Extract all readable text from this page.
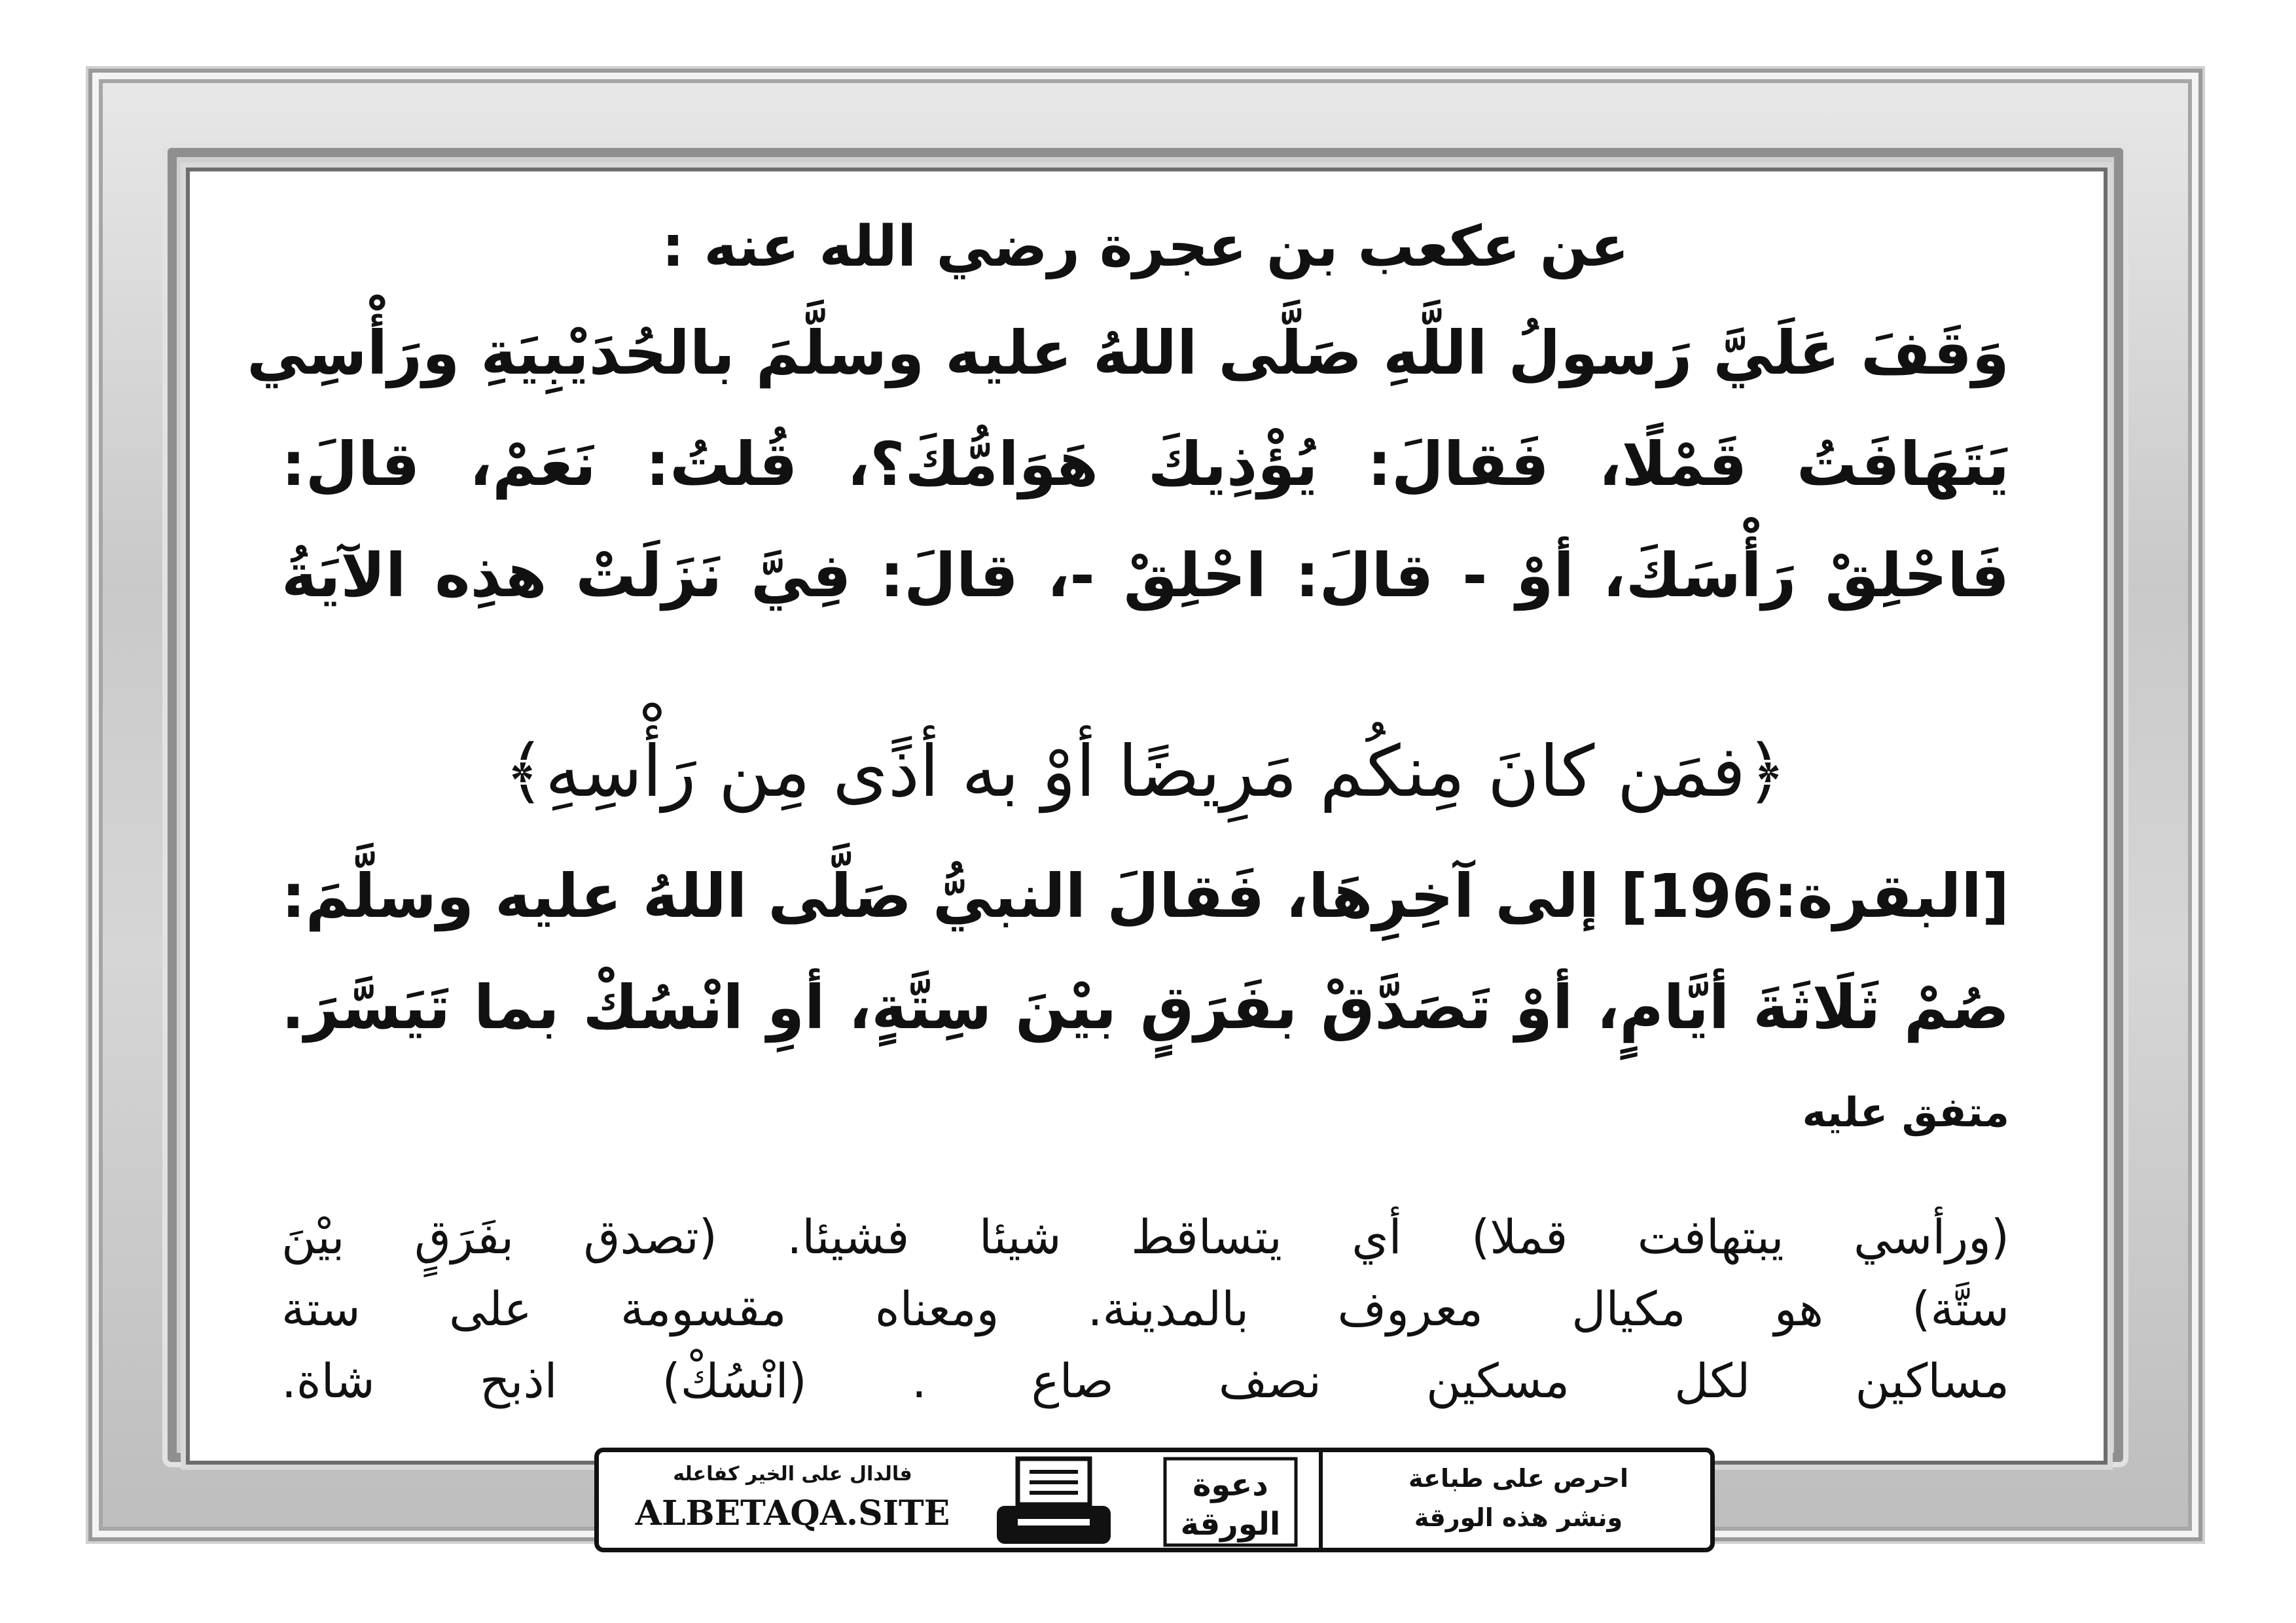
عن عكعب بن عجرة رضي الله عنه :
وَقَفَ عَلَيَّ رَسولُ اللَّهِ صَلَّى اللهُ عليه وسلَّمَ بالحُدَيْبِيَةِ ورَأْسِي
يَتَهَافَتُ قَمْلًا، فَقالَ: يُؤْذِيكَ هَوَامُّكَ؟، قُلتُ: نَعَمْ، قالَ:
فَاحْلِقْ رَأْسَكَ، أوْ - قالَ: احْلِقْ -، قالَ: فِيَّ نَزَلَتْ هذِه الآيَةُ
﴿فمَن كانَ مِنكُم مَرِيضًا أوْ به أذًى مِن رَأْسِهِ﴾
[البقرة:196] إلى آخِرِهَا، فَقالَ النبيُّ صَلَّى اللهُ عليه وسلَّمَ:
صُمْ ثَلَاثَةَ أيَّامٍ، أوْ تَصَدَّقْ بفَرَقٍ بيْنَ سِتَّةٍ، أوِ انْسُكْ بما تَيَسَّرَ.
متفق عليه
(ورأسي يبتهافت قملا) أي يتساقط شيئا فشيئا. (تصدق بفَرَقٍ بيْنَ
ستَّة) هو مكيال معروف بالمدينة. ومعناه مقسومة على ستة
مساكين لكل مسكين نصف صاع . (انْسُكْ) اذبح شاة.
فالدال على الخير كفاعله
ALBETAQA.SITE
دعوة
الورقة
احرص على طباعة
ونشر هذه الورقة
